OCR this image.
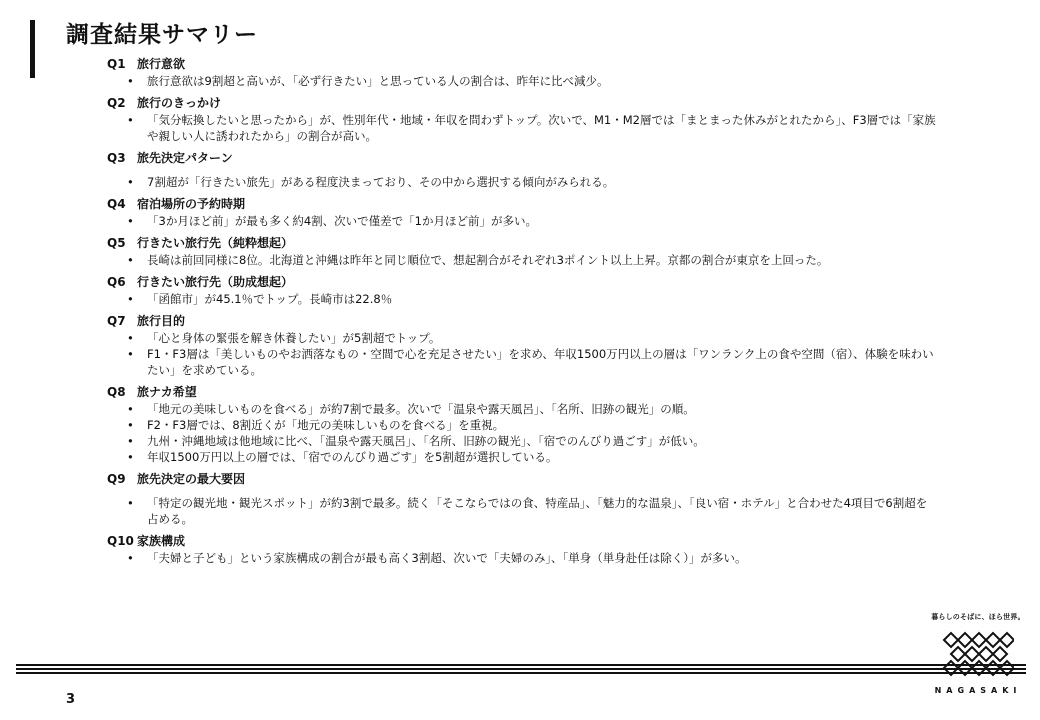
調査結果サマリー
Q1 旅行意欲
• 旅行意欲は9割超と高いが、「必ず行きたい」と思っている人の割合は、昨年に比べ減少。
Q2 旅行のきっかけ
• 「気分転換したいと思ったから」が、性別年代・地域・年収を問わずトップ。次いで、M1・M2層では「まとまった休みがとれたから」、F3層では「家族や親しい人に誘われたから」の割合が高い。
Q3 旅先決定パターン
• 7割超が「行きたい旅先」がある程度決まっており、その中から選択する傾向がみられる。
Q4 宿泊場所の予約時期
• 「3か月ほど前」が最も多く約4割、次いで僅差で「1か月ほど前」が多い。
Q5 行きたい旅行先（純粋想起）
• 長崎は前回同様に8位。北海道と沖縄は昨年と同じ順位で、想起割合がそれぞれ3ポイント以上上昇。京都の割合が東京を上回った。
Q6 行きたい旅行先（助成想起）
• 「函館市」が45.1％でトップ。長崎市は22.8％
Q7 旅行目的
• 「心と身体の緊張を解き休養したい」が5割超でトップ。
• F1・F3層は「美しいものやお洒落なもの・空間で心を充足させたい」を求め、年収1500万円以上の層は「ワンランク上の食や空間（宿）、体験を味わいたい」を求めている。
Q8 旅ナカ希望
• 「地元の美味しいものを食べる」が約7割で最多。次いで「温泉や露天風呂」、「名所、旧跡の観光」の順。
• F2・F3層では、8割近くが「地元の美味しいものを食べる」を重視。
• 九州・沖縄地域は他地域に比べ、「温泉や露天風呂」、「名所、旧跡の観光」、「宿でのんびり過ごす」が低い。
• 年収1500万円以上の層では、「宿でのんびり過ごす」を5割超が選択している。
Q9 旅先決定の最大要因
• 「特定の観光地・観光スポット」が約3割で最多。続く「そこならではの食、特産品」、「魅力的な温泉」、「良い宿・ホテル」と合わせた4項目で6割超を占める。
Q10 家族構成
• 「夫婦と子ども」という家族構成の割合が最も高く3割超、次いで「夫婦のみ」、「単身（単身赴任は除く）」が多い。
暮らしのそばに、ほら世界。
NAGASAKI
3
